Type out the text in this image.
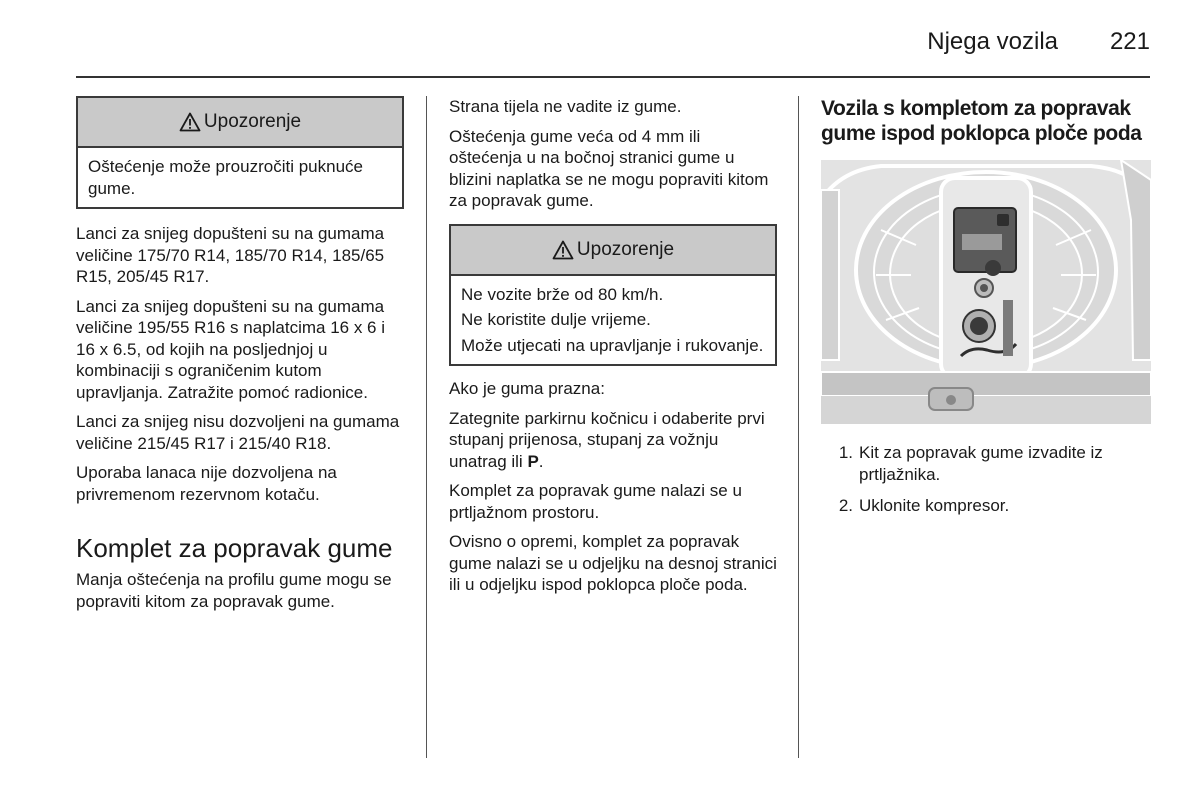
Njega vozila 221
Upozorenje

Oštećenje može prouzročiti puknuće gume.

Lanci za snijeg dopušteni su na gumama veličine 175/70 R14, 185/70 R14, 185/65 R15, 205/45 R17.

Lanci za snijeg dopušteni su na gumama veličine 195/55 R16 s naplatcima 16 x 6 i 16 x 6.5, od kojih na posljednjoj u kombinaciji s ograničenim kutom upravljanja. Zatražite pomoć radionice.

Lanci za snijeg nisu dozvoljeni na gumama veličine 215/45 R17 i 215/40 R18.

Uporaba lanaca nije dozvoljena na privremenom rezervnom kotaču.

Komplet za popravak gume

Manja oštećenja na profilu gume mogu se popraviti kitom za popravak gume.

Strana tijela ne vadite iz gume.

Oštećenja gume veća od 4 mm ili oštećenja u na bočnoj stranici gume u blizini naplatka se ne mogu popraviti kitom za popravak gume.

Upozorenje

Ne vozite brže od 80 km/h.

Ne koristite dulje vrijeme.

Može utjecati na upravljanje i rukovanje.

Ako je guma prazna:

Zategnite parkirnu kočnicu i odaberite prvi stupanj prijenosa, stupanj za vožnju unatrag ili P.

Komplet za popravak gume nalazi se u prtljažnom prostoru.

Ovisno o opremi, komplet za popravak gume nalazi se u odjeljku na desnoj stranici ili u odjeljku ispod poklopca ploče poda.

Vozila s kompletom za popravak gume ispod poklopca ploče poda
1. Kit za popravak gume izvadite iz prtljažnika.
2. Uklonite kompresor.
